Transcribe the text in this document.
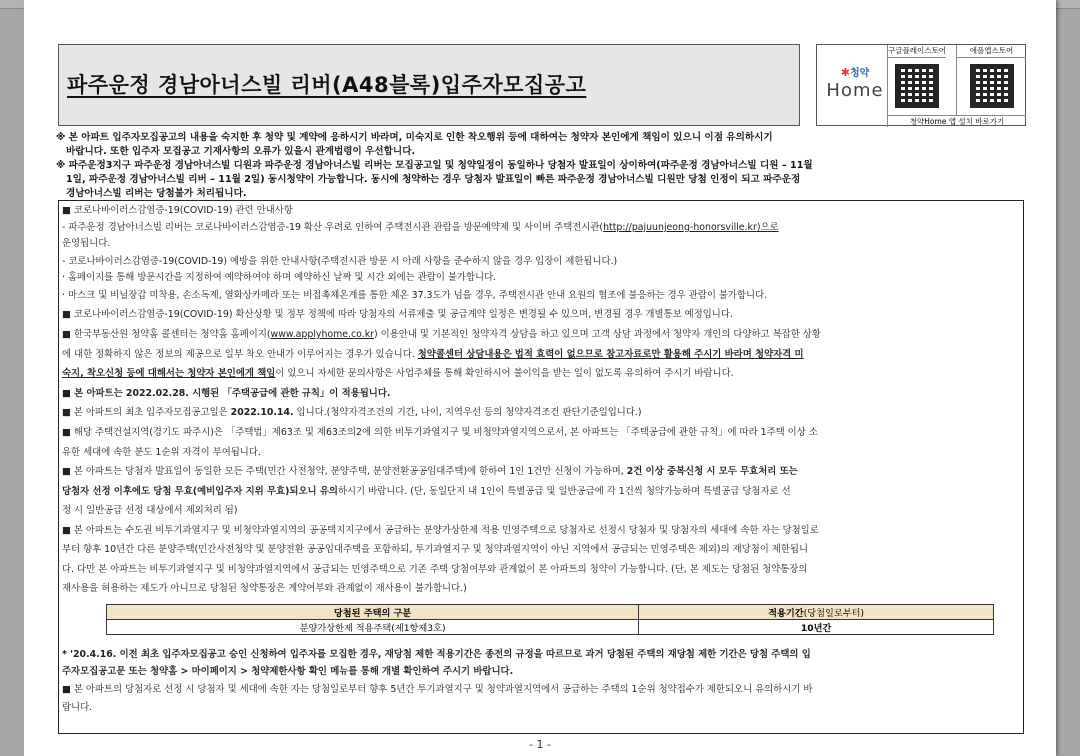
파주운정 경남아너스빌 리버(A48블록)입주자모집공고
✱청약
Home
구글플레이스토어	애플앱스토어
청약Home 앱 설치 바로가기
※ 본 아파트 입주자모집공고의 내용을 숙지한 후 청약 및 계약에 응하시기 바라며, 미숙지로 인한 착오행위 등에 대하여는 청약자 본인에게 책임이 있으니 이점 유의하시기
바랍니다. 또한 입주자 모집공고 기재사항의 오류가 있을시 관계법령이 우선합니다.
※ 파주운정3지구 파주운정 경남아너스빌 디원과 파주운정 경남아너스빌 리버는 모집공고일 및 청약일정이 동일하나 당첨자 발표일이 상이하여(파주운정 경남아너스빌 디원 – 11월
1일, 파주운정 경남아너스빌 리버 – 11월 2일) 동시청약이 가능합니다. 동시에 청약하는 경우 당첨자 발표일이 빠른 파주운정 경남아너스빌 디원만 당첨 인정이 되고 파주운정
경남아너스빌 리버는 당첨불가 처리됩니다.
■ 코로나바이러스감염증-19(COVID-19) 관련 안내사항
- 파주운정 경남아너스빌 리버는 코로나바이러스감염증-19 확산 우려로 인하여 주택전시관 관람을 방문예약제 및 사이버 주택전시관(http://pajuunjeong-honorsville.kr)으로
운영됩니다.
- 코로나바이러스감염증-19(COVID-19) 예방을 위한 안내사항(주택전시관 방문 시 아래 사항을 준수하지 않을 경우 입장이 제한됩니다.)
· 홈페이지를 통해 방문시간을 지정하여 예약하여야 하며 예약하신 날짜 및 시간 외에는 관람이 불가합니다.
· 마스크 및 비닐장갑 미착용, 손소독제, 열화상카메라 또는 비접촉체온계를 통한 체온 37.3도가 넘을 경우, 주택전시관 안내 요원의 협조에 불응하는 경우 관람이 불가합니다.
■ 코로나바이러스감염증-19(COVID-19) 확산상황 및 정부 정책에 따라 당첨자의 서류제출 및 공급계약 일정은 변경될 수 있으며, 변경될 경우 개별통보 예정입니다.
■ 한국부동산원 청약홈 콜센터는 청약홈 홈페이지(www.applyhome.co.kr) 이용안내 및 기본적인 청약자격 상담을 하고 있으며 고객 상담 과정에서 청약자 개인의 다양하고 복잡한 상황
에 대한 정확하지 않은 정보의 제공으로 일부 착오 안내가 이루어지는 경우가 있습니다. 청약콜센터 상담내용은 법적 효력이 없으므로 참고자료로만 활용해 주시기 바라며 청약자격 미
숙지, 착오신청 등에 대해서는 청약자 본인에게 책임이 있으니 자세한 문의사항은 사업주체를 통해 확인하시어 불이익을 받는 일이 없도록 유의하여 주시기 바랍니다.
■ 본 아파트는 2022.02.28. 시행된 「주택공급에 관한 규칙」이 적용됩니다.
■ 본 아파트의 최초 입주자모집공고일은 2022.10.14. 입니다.(청약자격조건의 기간, 나이, 지역우선 등의 청약자격조건 판단기준일입니다.)
■ 해당 주택건설지역(경기도 파주시)은 「주택법」제63조 및 제63조의2에 의한 비투기과열지구 및 비청약과열지역으로서, 본 아파트는 「주택공급에 관한 규칙」에 따라 1주택 이상 소
유한 세대에 속한 분도 1순위 자격이 부여됩니다.
■ 본 아파트는 당첨자 발표일이 동일한 모든 주택(민간 사전청약, 분양주택, 분양전환공공임대주택)에 한하여 1인 1건만 신청이 가능하며, 2건 이상 중복신청 시 모두 무효처리 또는
당첨자 선정 이후에도 당첨 무효(예비입주자 지위 무효)되오니 유의하시기 바랍니다. (단, 동일단지 내 1인이 특별공급 및 일반공급에 각 1건씩 청약가능하며 특별공급 당첨자로 선
정 시 일반공급 선정 대상에서 제외처리 됨)
■ 본 아파트는 수도권 비투기과열지구 및 비청약과열지역의 공공택지지구에서 공급하는 분양가상한제 적용 민영주택으로 당첨자로 선정시 당첨자 및 당첨자의 세대에 속한 자는 당첨일로
부터 향후 10년간 다른 분양주택(민간사전청약 및 분양전환 공공임대주택을 포함하되, 투기과열지구 및 청약과열지역이 아닌 지역에서 공급되는 민영주택은 제외)의 재당첨이 제한됩니
다. 다만 본 아파트는 비투기과열지구 및 비청약과열지역에서 공급되는 민영주택으로 기존 주택 당첨여부와 관계없이 본 아파트의 청약이 가능합니다. (단, 본 제도는 당첨된 청약통장의
재사용을 허용하는 제도가 아니므로 당첨된 청약통장은 계약여부와 관계없이 재사용이 불가합니다.)
당첨된 주택의 구분	적용기간(당첨일로부터)
분양가상한제 적용주택(제1항제3호)	10년간
* '20.4.16. 이전 최초 입주자모집공고 승인 신청하여 입주자를 모집한 경우, 재당첨 제한 적용기간은 종전의 규정을 따르므로 과거 당첨된 주택의 재당첨 제한 기간은 당첨 주택의 입
주자모집공고문 또는 청약홈 > 마이페이지 > 청약제한사항 확인 메뉴를 통해 개별 확인하여 주시기 바랍니다.
■ 본 아파트의 당첨자로 선정 시 당첨자 및 세대에 속한 자는 당첨일로부터 향후 5년간 투기과열지구 및 청약과열지역에서 공급하는 주택의 1순위 청약접수가 제한되오니 유의하시기 바
랍니다.
- 1 -
